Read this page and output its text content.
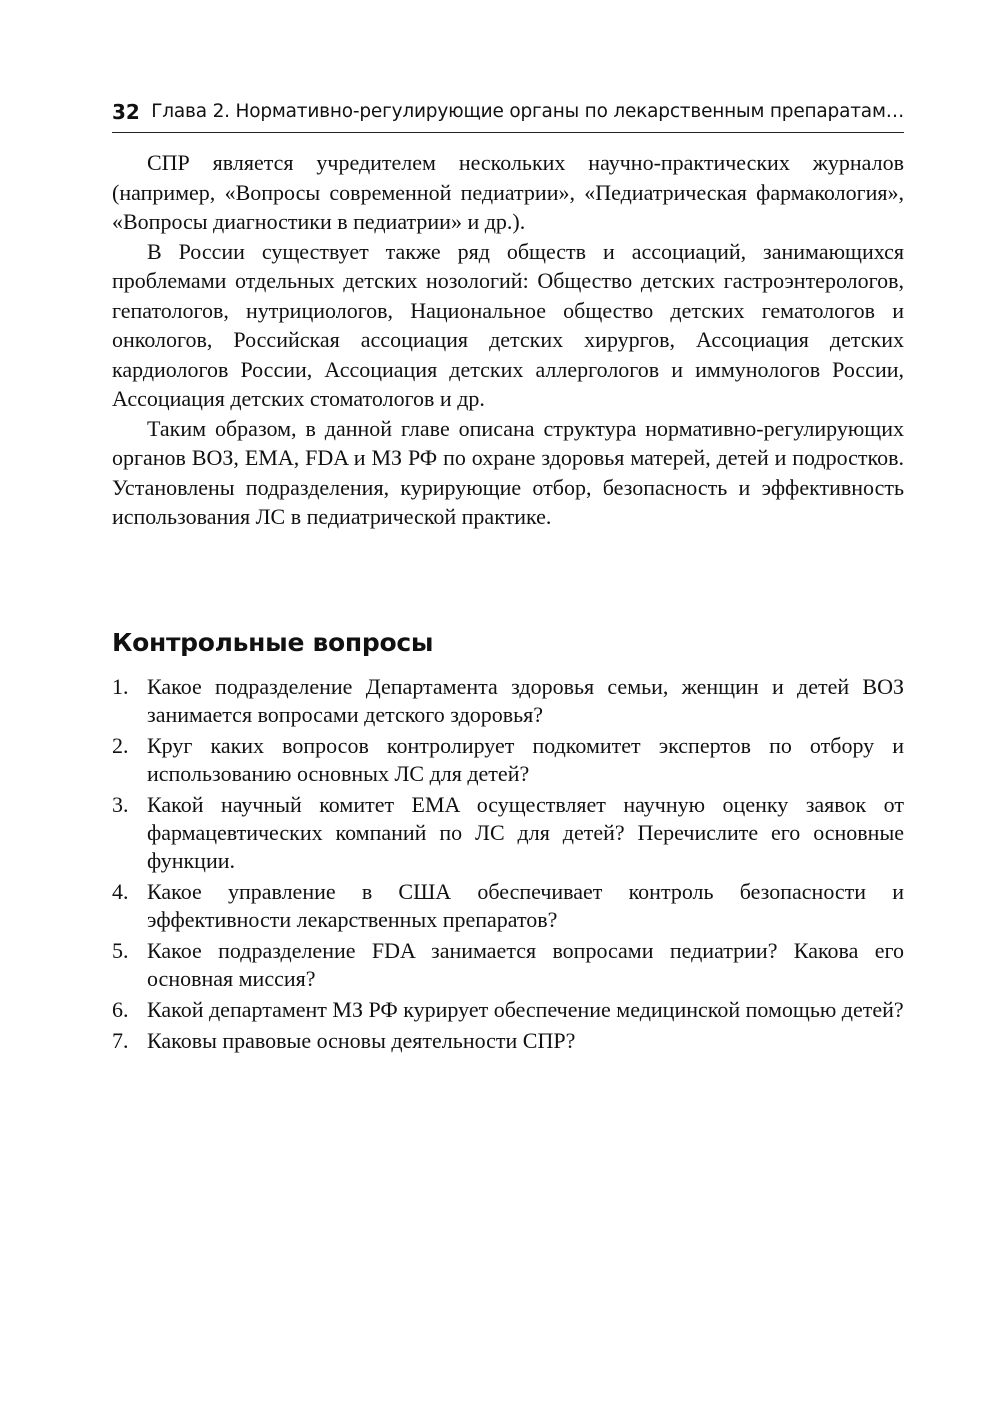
32 Глава 2. Нормативно-регулирующие органы по лекарственным препаратам…

СПР является учредителем нескольких научно-практических журналов (например, «Вопросы современной педиатрии», «Педиатрическая фармакология», «Вопросы диагностики в педиатрии» и др.).

В России существует также ряд обществ и ассоциаций, занимающихся проблемами отдельных детских нозологий: Общество детских гастроэнтерологов, гепатологов, нутрициологов, Национальное общество детских гематологов и онкологов, Российская ассоциация детских хирургов, Ассоциация детских кардиологов России, Ассоциация детских аллергологов и иммунологов России, Ассоциация детских стоматологов и др.

Таким образом, в данной главе описана структура нормативно-регулирующих органов ВОЗ, EMA, FDA и МЗ РФ по охране здоровья матерей, детей и подростков. Установлены подразделения, курирующие отбор, безопасность и эффективность использования ЛС в педиатрической практике.

Контрольные вопросы
1. Какое подразделение Департамента здоровья семьи, женщин и детей ВОЗ занимается вопросами детского здоровья?
2. Круг каких вопросов контролирует подкомитет экспертов по отбору и использованию основных ЛС для детей?
3. Какой научный комитет EMA осуществляет научную оценку заявок от фармацевтических компаний по ЛС для детей? Перечислите его основные функции.
4. Какое управление в США обеспечивает контроль безопасности и эффективности лекарственных препаратов?
5. Какое подразделение FDA занимается вопросами педиатрии? Какова его основная миссия?
6. Какой департамент МЗ РФ курирует обеспечение медицинской помощью детей?
7. Каковы правовые основы деятельности СПР?
